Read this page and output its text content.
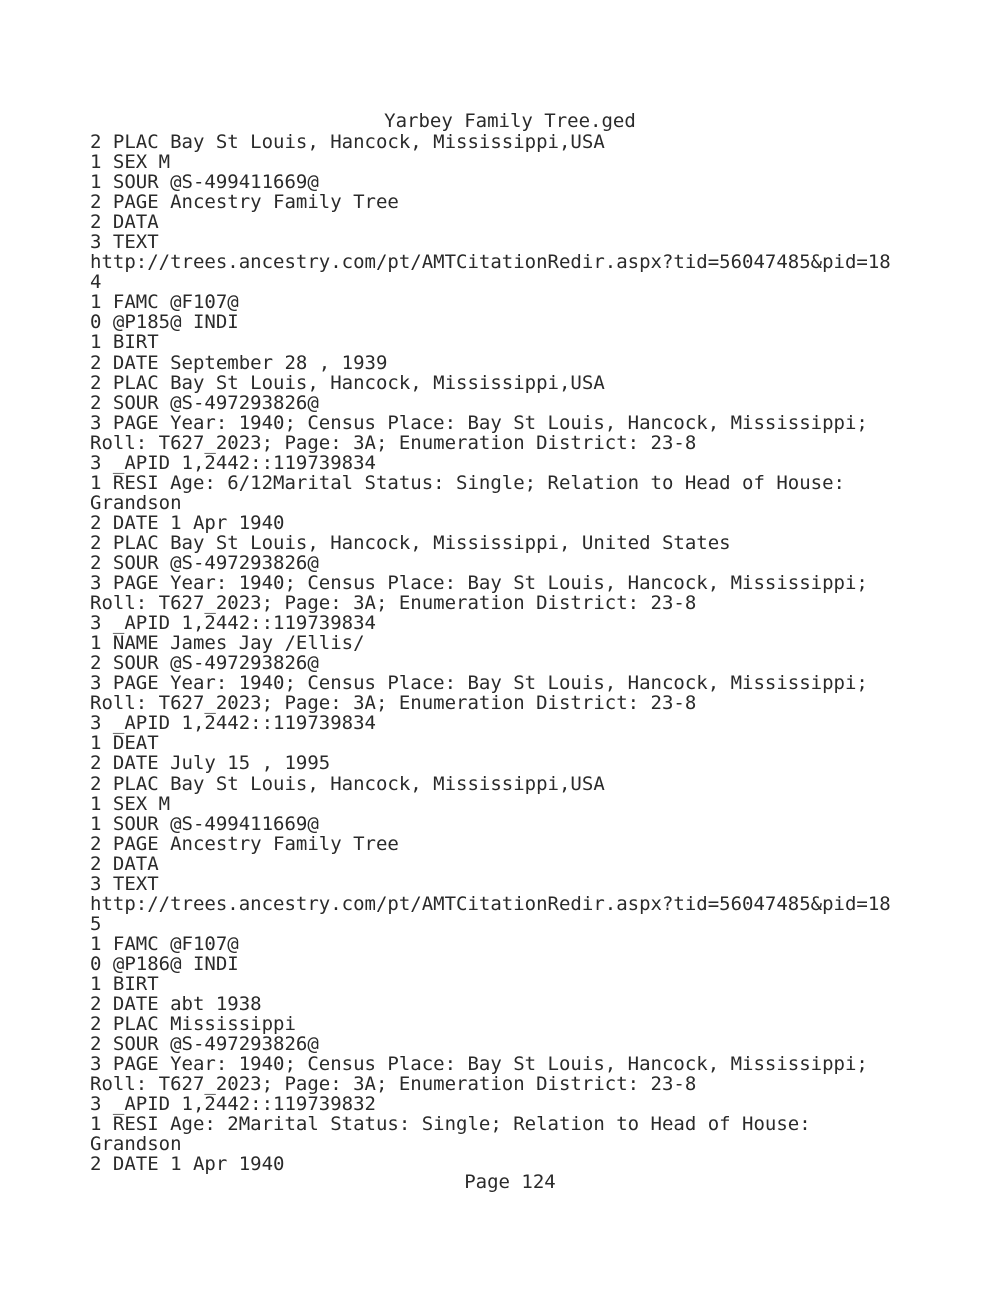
Yarbey Family Tree.ged
2 PLAC Bay St Louis, Hancock, Mississippi,USA
1 SEX M
1 SOUR @S-499411669@
2 PAGE Ancestry Family Tree
2 DATA
3 TEXT
http://trees.ancestry.com/pt/AMTCitationRedir.aspx?tid=56047485&pid=18
4
1 FAMC @F107@
0 @P185@ INDI
1 BIRT
2 DATE September 28 , 1939
2 PLAC Bay St Louis, Hancock, Mississippi,USA
2 SOUR @S-497293826@
3 PAGE Year: 1940; Census Place: Bay St Louis, Hancock, Mississippi;
Roll: T627_2023; Page: 3A; Enumeration District: 23-8
3 _APID 1,2442::119739834
1 RESI Age: 6/12Marital Status: Single; Relation to Head of House:
Grandson
2 DATE 1 Apr 1940
2 PLAC Bay St Louis, Hancock, Mississippi, United States
2 SOUR @S-497293826@
3 PAGE Year: 1940; Census Place: Bay St Louis, Hancock, Mississippi;
Roll: T627_2023; Page: 3A; Enumeration District: 23-8
3 _APID 1,2442::119739834
1 NAME James Jay /Ellis/
2 SOUR @S-497293826@
3 PAGE Year: 1940; Census Place: Bay St Louis, Hancock, Mississippi;
Roll: T627_2023; Page: 3A; Enumeration District: 23-8
3 _APID 1,2442::119739834
1 DEAT
2 DATE July 15 , 1995
2 PLAC Bay St Louis, Hancock, Mississippi,USA
1 SEX M
1 SOUR @S-499411669@
2 PAGE Ancestry Family Tree
2 DATA
3 TEXT
http://trees.ancestry.com/pt/AMTCitationRedir.aspx?tid=56047485&pid=18
5
1 FAMC @F107@
0 @P186@ INDI
1 BIRT
2 DATE abt 1938
2 PLAC Mississippi
2 SOUR @S-497293826@
3 PAGE Year: 1940; Census Place: Bay St Louis, Hancock, Mississippi;
Roll: T627_2023; Page: 3A; Enumeration District: 23-8
3 _APID 1,2442::119739832
1 RESI Age: 2Marital Status: Single; Relation to Head of House:
Grandson
2 DATE 1 Apr 1940
Page 124
